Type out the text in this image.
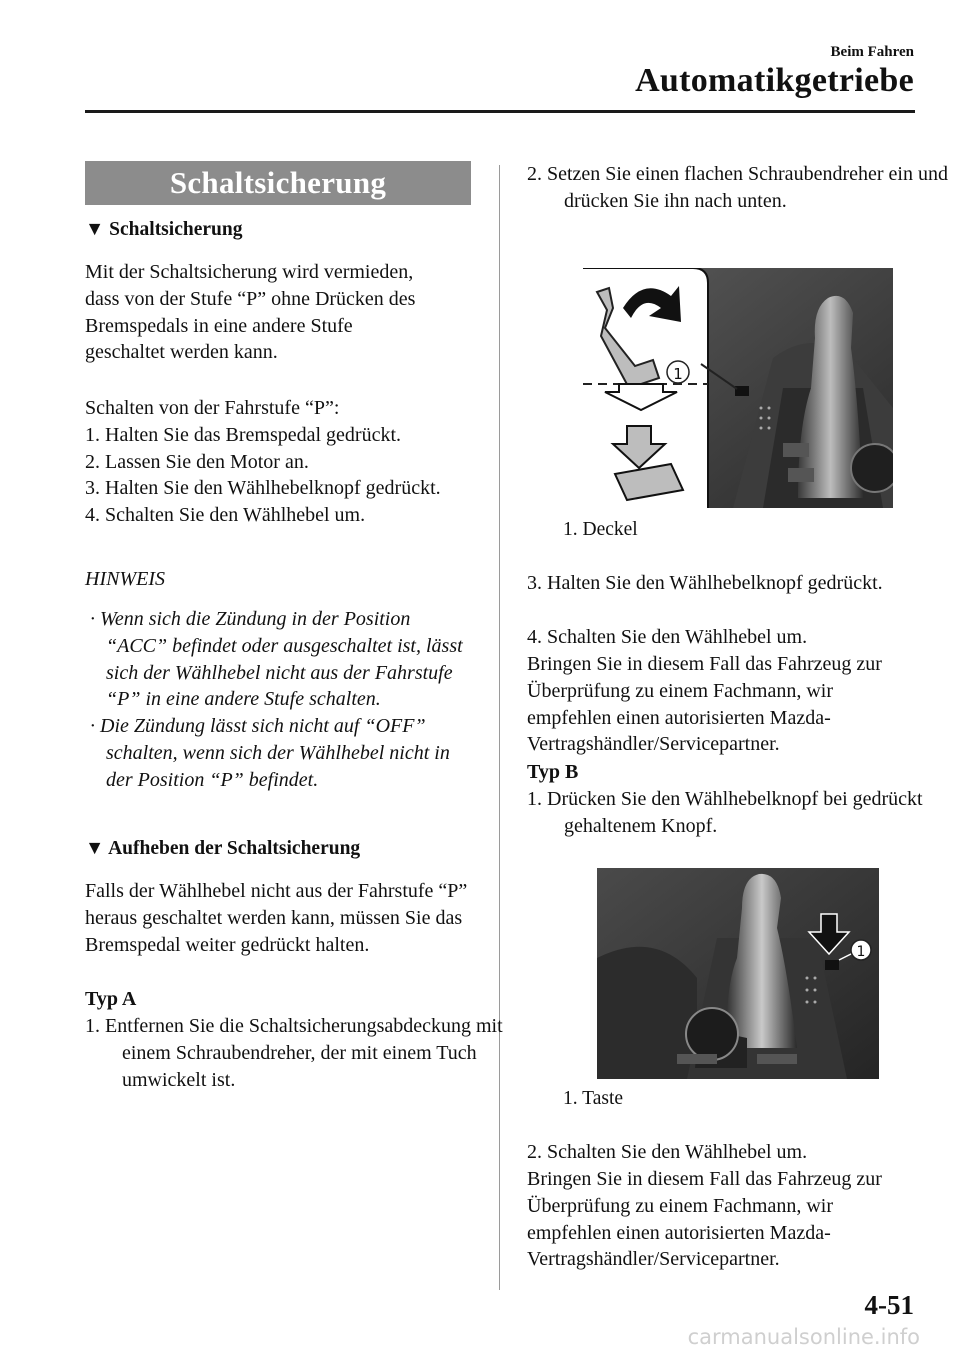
Beim Fahren
Automatikgetriebe
Schaltsicherung
▼ Schaltsicherung

Mit der Schaltsicherung wird vermieden,

dass von der Stufe “P” ohne Drücken des

Bremspedals in eine andere Stufe

geschaltet werden kann.

Schalten von der Fahrstufe “P”:

1. Halten Sie das Bremspedal gedrückt.

2. Lassen Sie den Motor an.

3. Halten Sie den Wählhebelknopf gedrückt.

4. Schalten Sie den Wählhebel um.

HINWEIS

· Wenn sich die Zündung in der Position “ACC” befindet oder ausgeschaltet ist, lässt sich der Wählhebel nicht aus der Fahrstufe “P” in eine andere Stufe schalten.

· Die Zündung lässt sich nicht auf “OFF” schalten, wenn sich der Wählhebel nicht in der Position “P” befindet.

▼ Aufheben der Schaltsicherung
Falls der Wählhebel nicht aus der Fahrstufe “P” heraus geschaltet werden kann, müssen Sie das Bremspedal weiter gedrückt halten.
Typ A
1. Entfernen Sie die Schaltsicherungsabdeckung mit einem Schraubendreher, der mit einem Tuch umwickelt ist.
2. Setzen Sie einen flachen Schraubendreher ein und drücken Sie ihn nach unten.
1
1. Deckel
3. Halten Sie den Wählhebelknopf gedrückt.
4. Schalten Sie den Wählhebel um.
Bringen Sie in diesem Fall das Fahrzeug zur Überprüfung zu einem Fachmann, wir empfehlen einen autorisierten Mazda-Vertragshändler/Servicepartner.
Typ B
1. Drücken Sie den Wählhebelknopf bei gedrückt gehaltenem Knopf.
1
1. Taste
2. Schalten Sie den Wählhebel um.
Bringen Sie in diesem Fall das Fahrzeug zur Überprüfung zu einem Fachmann, wir empfehlen einen autorisierten Mazda-Vertragshändler/Servicepartner.
4-51
carmanualsonline.info
